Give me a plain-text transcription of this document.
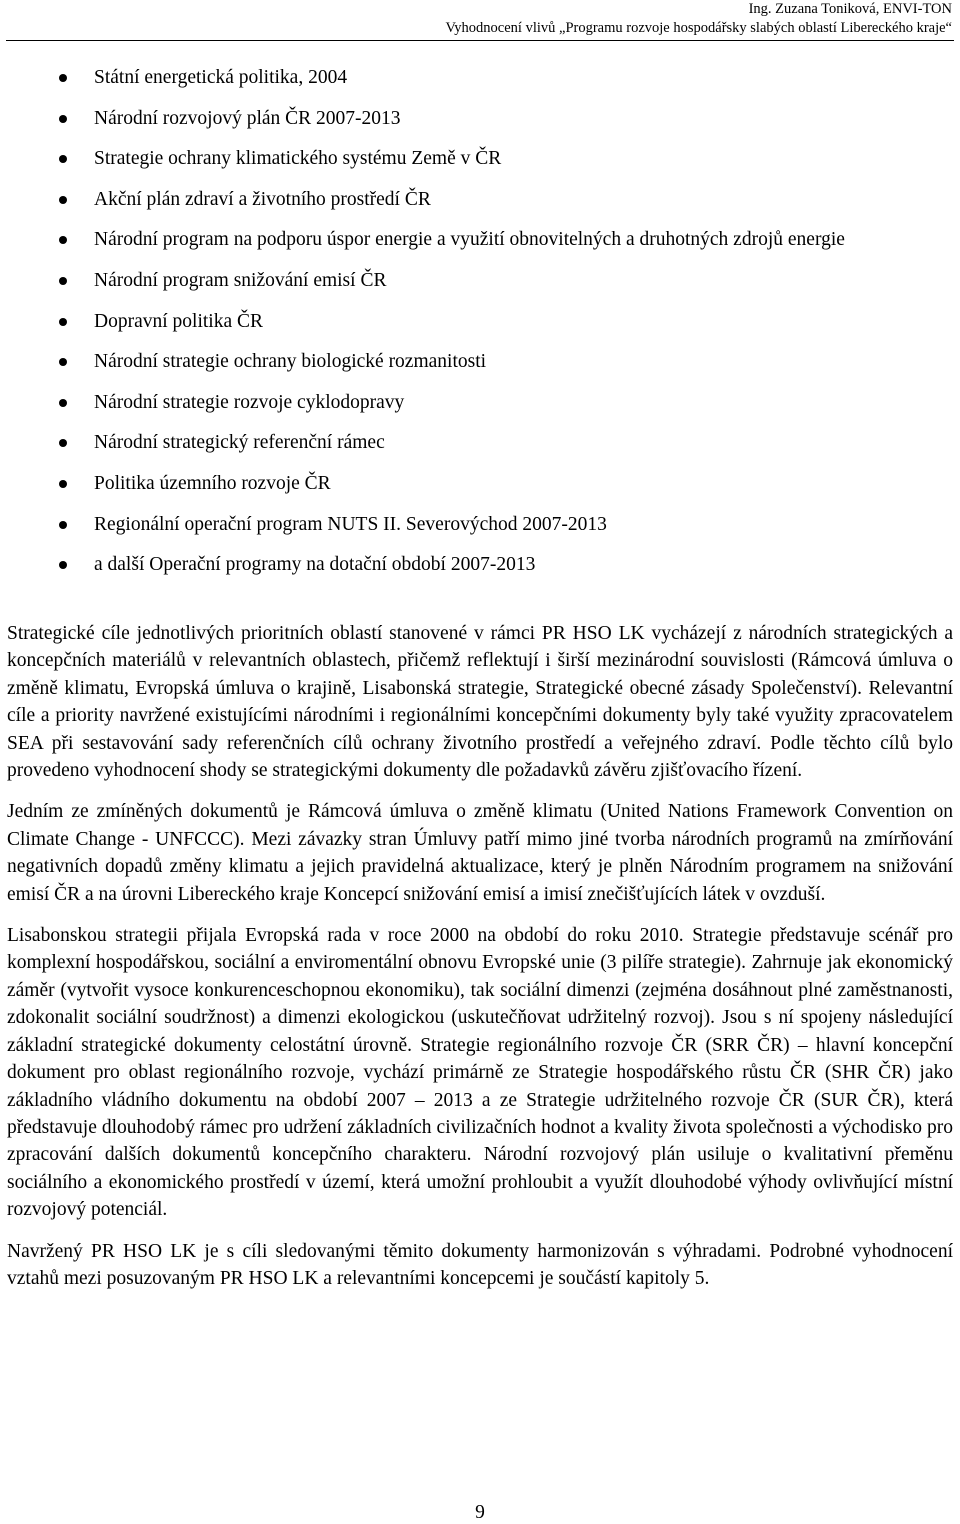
Ing. Zuzana Toniková, ENVI-TON
Vyhodnocení vlivů „Programu rozvoje hospodářsky slabých oblastí Libereckého kraje“
Státní energetická politika, 2004
Národní rozvojový plán ČR 2007-2013
Strategie ochrany klimatického systému Země v ČR
Akční plán zdraví a životního prostředí ČR
Národní program na podporu úspor energie a využití obnovitelných a druhotných zdrojů energie
Národní program snižování emisí ČR
Dopravní politika ČR
Národní strategie ochrany biologické rozmanitosti
Národní strategie rozvoje cyklodopravy
Národní strategický referenční rámec
Politika územního rozvoje ČR
Regionální operační program NUTS II. Severovýchod 2007-2013
a další Operační programy na dotační období 2007-2013

Strategické cíle jednotlivých prioritních oblastí stanovené v rámci PR HSO LK vycházejí z národních strategických a koncepčních materiálů v relevantních oblastech, přičemž reflektují i širší mezinárodní souvislosti (Rámcová úmluva o změně klimatu, Evropská úmluva o krajině, Lisabonská strategie, Strategické obecné zásady Společenství). Relevantní cíle a priority navržené existujícími národními i regionálními koncepčními dokumenty byly také využity zpracovatelem SEA při sestavování sady referenčních cílů ochrany životního prostředí a veřejného zdraví. Podle těchto cílů bylo provedeno vyhodnocení shody se strategickými dokumenty dle požadavků závěru zjišťovacího řízení.

Jedním ze zmíněných dokumentů je Rámcová úmluva o změně klimatu (United Nations Framework Convention on Climate Change - UNFCCC). Mezi závazky stran Úmluvy patří mimo jiné tvorba národních programů na zmírňování negativních dopadů změny klimatu a jejich pravidelná aktualizace, který je plněn Národním programem na snižování emisí ČR a na úrovni Libereckého kraje Koncepcí snižování emisí a imisí znečišťujících látek v ovzduší.

Lisabonskou strategii přijala Evropská rada v roce 2000 na období do roku 2010. Strategie představuje scénář pro komplexní hospodářskou, sociální a enviromentální obnovu Evropské unie (3 pilíře strategie). Zahrnuje jak ekonomický záměr (vytvořit vysoce konkurenceschopnou ekonomiku), tak sociální dimenzi (zejména dosáhnout plné zaměstnanosti, zdokonalit sociální soudržnost) a dimenzi ekologickou (uskutečňovat udržitelný rozvoj). Jsou s ní spojeny následující základní strategické dokumenty celostátní úrovně. Strategie regionálního rozvoje ČR (SRR ČR) – hlavní koncepční dokument pro oblast regionálního rozvoje, vychází primárně ze Strategie hospodářského růstu ČR (SHR ČR) jako základního vládního dokumentu na období 2007 – 2013 a ze Strategie udržitelného rozvoje ČR (SUR ČR), která představuje dlouhodobý rámec pro udržení základních civilizačních hodnot a kvality života společnosti a východisko pro zpracování dalších dokumentů koncepčního charakteru. Národní rozvojový plán usiluje o kvalitativní přeměnu sociálního a ekonomického prostředí v území, která umožní prohloubit a využít dlouhodobé výhody ovlivňující místní rozvojový potenciál.

Navržený PR HSO LK je s cíli sledovanými těmito dokumenty harmonizován s výhradami. Podrobné vyhodnocení vztahů mezi posuzovaným PR HSO LK a relevantními koncepcemi je součástí kapitoly 5.

9
